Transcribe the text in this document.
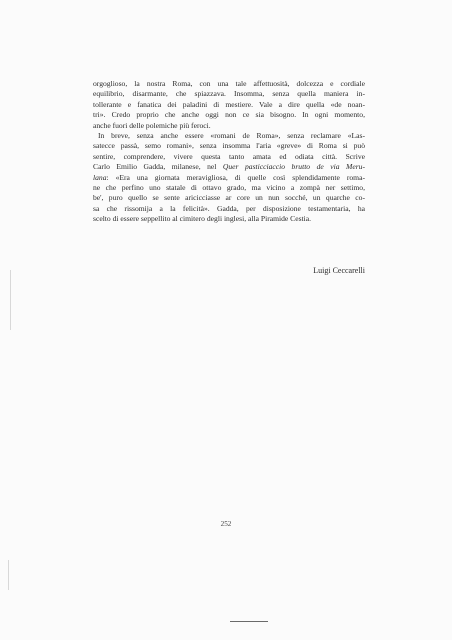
orgoglioso, la nostra Roma, con una tale affettuosità, dolcezza e cordiale
equilibrio, disarmante, che spiazzava. Insomma, senza quella maniera in-
tollerante e fanatica dei paladini di mestiere. Vale a dire quella «de noan-
tri». Credo proprio che anche oggi non ce sia bisogno. In ogni momento,
anche fuori delle polemiche più feroci.

In breve, senza anche essere «romani de Roma», senza reclamare «Las-
satecce passà, semo romani», senza insomma l'aria «greve» di Roma si può
sentire, comprendere, vivere questa tanto amata ed odiata città. Scrive
Carlo Emilio Gadda, milanese, nel Quer pasticciaccio brutto de via Meru-
lana: «Era una giornata meravigliosa, di quelle così splendidamente roma-
ne che perfino uno statale di ottavo grado, ma vicino a zompà ner settimo,
be', puro quello se sente aricicciasse ar core un nun socché, un quarche co-
sa che rissomija a la felicità». Gadda, per disposizione testamentaria, ha
scelto di essere seppellito al cimitero degli inglesi, alla Piramide Cestia.

Luigi Ceccarelli
252
